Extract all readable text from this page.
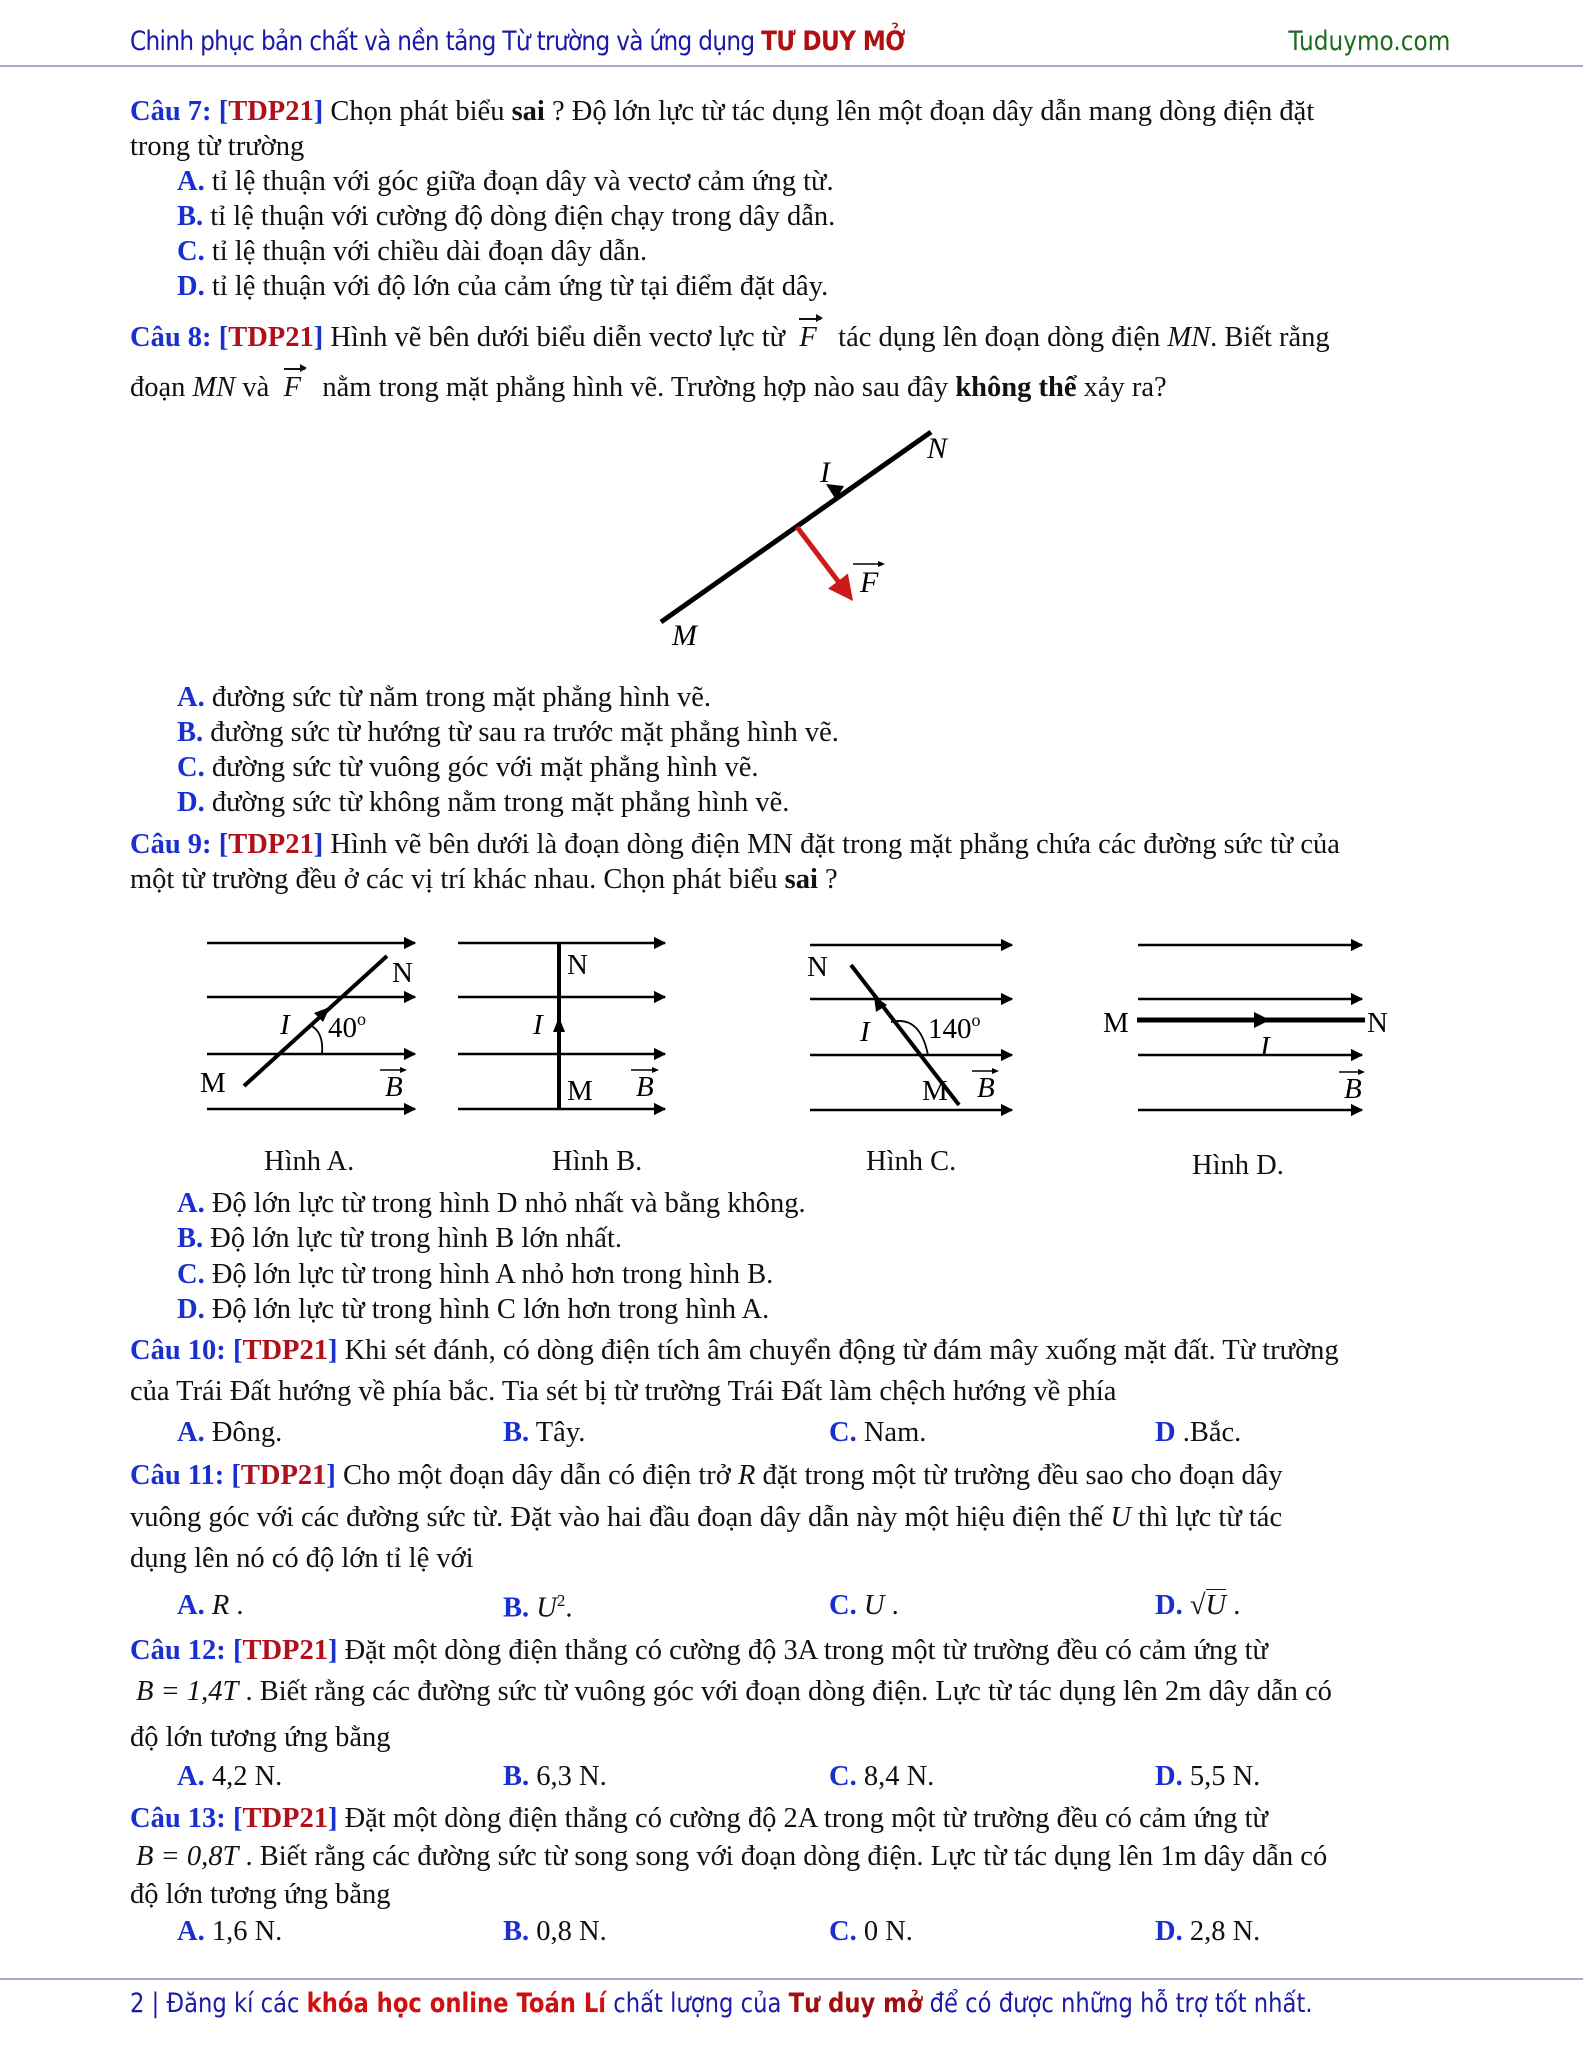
Chinh phục bản chất và nền tảng Từ trường và ứng dụng TƯ DUY MỞ	Tuduymo.com
Câu 7: [TDP21] Chọn phát biểu sai ? Độ lớn lực từ tác dụng lên một đoạn dây dẫn mang dòng điện đặt
trong từ trường
A. tỉ lệ thuận với góc giữa đoạn dây và vectơ cảm ứng từ.
B. tỉ lệ thuận với cường độ dòng điện chạy trong dây dẫn.
C. tỉ lệ thuận với chiều dài đoạn dây dẫn.
D. tỉ lệ thuận với độ lớn của cảm ứng từ tại điểm đặt dây.
Câu 8: [TDP21] Hình vẽ bên dưới biểu diễn vectơ lực từ F tác dụng lên đoạn dòng điện MN. Biết rằng
đoạn MN và F nằm trong mặt phẳng hình vẽ. Trường hợp nào sau đây không thể xảy ra?
I
N
F
M
A. đường sức từ nằm trong mặt phẳng hình vẽ.
B. đường sức từ hướng từ sau ra trước mặt phẳng hình vẽ.
C. đường sức từ vuông góc với mặt phẳng hình vẽ.
D. đường sức từ không nằm trong mặt phẳng hình vẽ.
Câu 9: [TDP21] Hình vẽ bên dưới là đoạn dòng điện MN đặt trong mặt phẳng chứa các đường sức từ của
một từ trường đều ở các vị trí khác nhau. Chọn phát biểu sai ?
I 40$^o$
N
M	B
I
N
M B
I 140$^o$
N
M B
M	N
I
B
Hình A.	Hình B.	Hình C.	Hình D.
A. Độ lớn lực từ trong hình D nhỏ nhất và bằng không.
B. Độ lớn lực từ trong hình B lớn nhất.
C. Độ lớn lực từ trong hình A nhỏ hơn trong hình B.
D. Độ lớn lực từ trong hình C lớn hơn trong hình A.
Câu 10: [TDP21] Khi sét đánh, có dòng điện tích âm chuyển động từ đám mây xuống mặt đất. Từ trường
của Trái Đất hướng về phía bắc. Tia sét bị từ trường Trái Đất làm chệch hướng về phía
A. Đông.	B. Tây.	C. Nam.	D .Bắc.
Câu 11: [TDP21] Cho một đoạn dây dẫn có điện trở R đặt trong một từ trường đều sao cho đoạn dây
vuông góc với các đường sức từ. Đặt vào hai đầu đoạn dây dẫn này một hiệu điện thế U thì lực từ tác
dụng lên nó có độ lớn tỉ lệ với
A. R .	B. $U^2$.	C. U .	D. √U .
Câu 12: [TDP21] Đặt một dòng điện thẳng có cường độ 3A trong một từ trường đều có cảm ứng từ
B = 1,4T . Biết rằng các đường sức từ vuông góc với đoạn dòng điện. Lực từ tác dụng lên 2m dây dẫn có
độ lớn tương ứng bằng
A. 4,2 N.	B. 6,3 N.	C. 8,4 N.	D. 5,5 N.
Câu 13: [TDP21] Đặt một dòng điện thẳng có cường độ 2A trong một từ trường đều có cảm ứng từ
B = 0,8T . Biết rằng các đường sức từ song song với đoạn dòng điện. Lực từ tác dụng lên 1m dây dẫn có
độ lớn tương ứng bằng
A. 1,6 N.	B. 0,8 N.	C. 0 N.	D. 2,8 N.
2 | Đăng kí các khóa học online Toán Lí chất lượng của Tư duy mở để có được những hỗ trợ tốt nhất.
